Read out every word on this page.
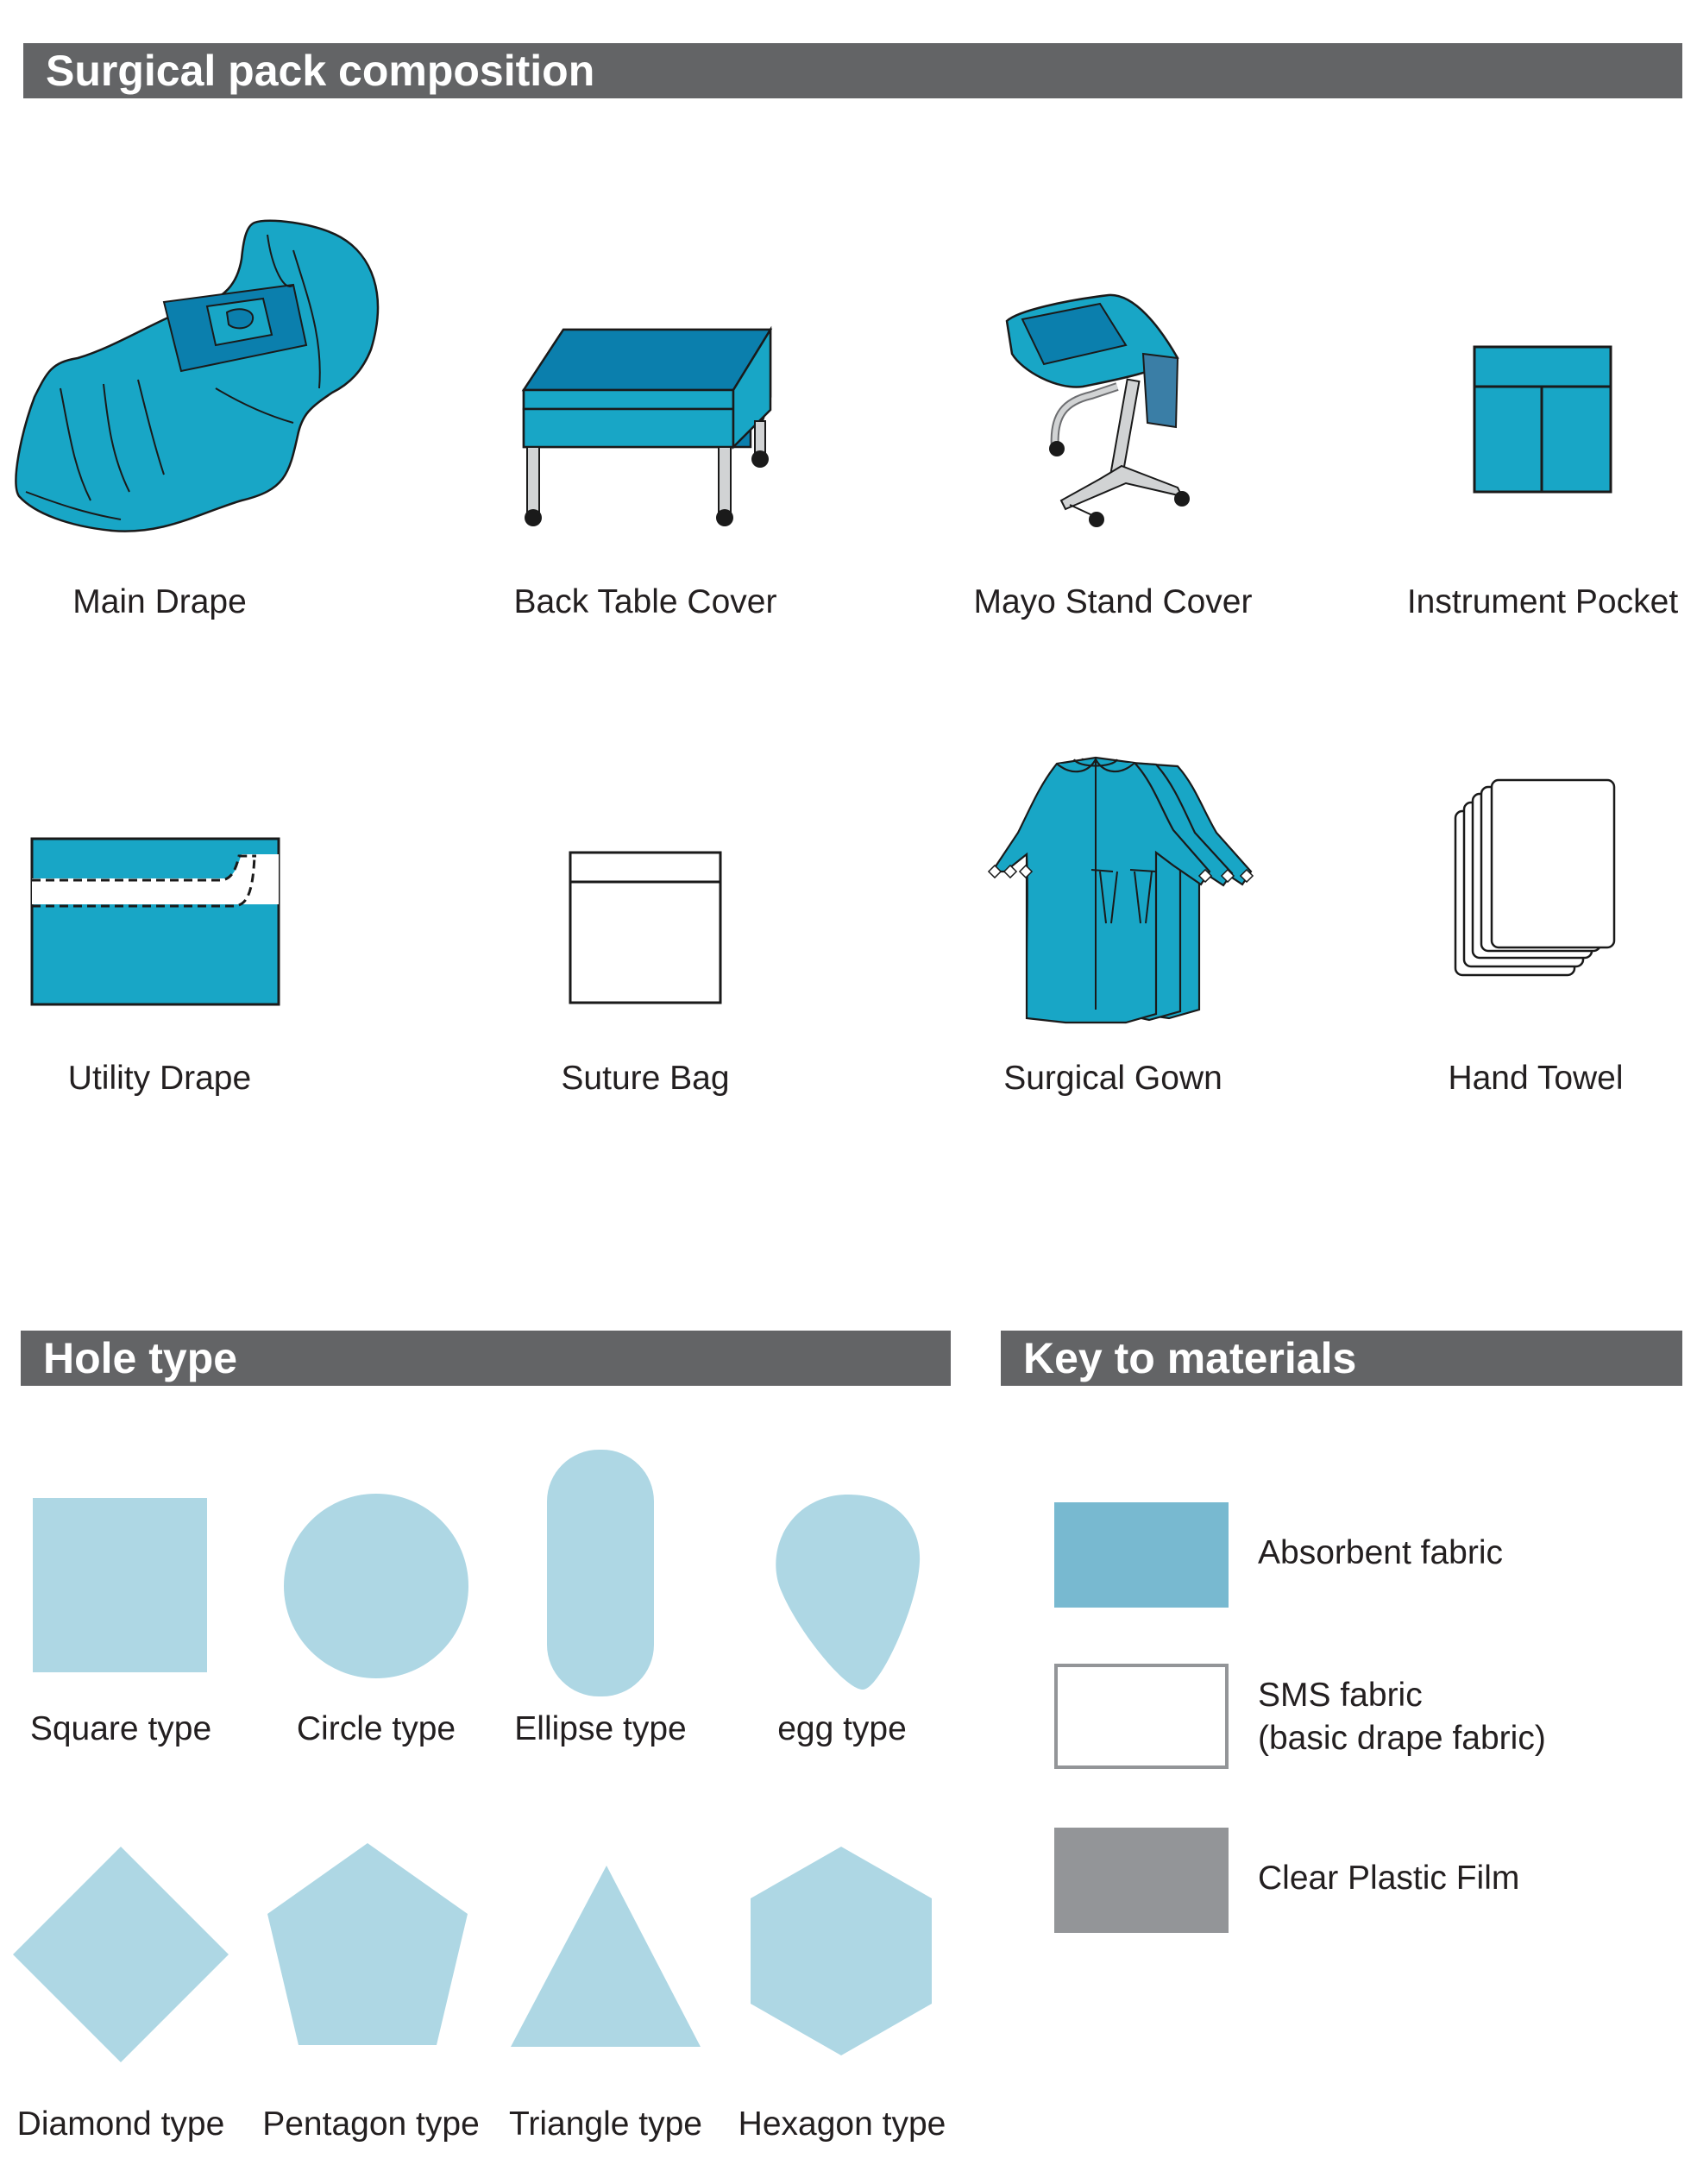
Surgical pack composition
Main Drape	Back Table Cover	Mayo Stand Cover	Instrument Pocket
Utility Drape	Suture Bag	Surgical Gown	Hand Towel
Hole type	Key to materials
Square type	Circle type	Ellipse type	egg type
Diamond type	Pentagon type Triangle type	Hexagon type
Absorbent fabric
SMS fabric
(basic drape fabric)
Clear Plastic Film
